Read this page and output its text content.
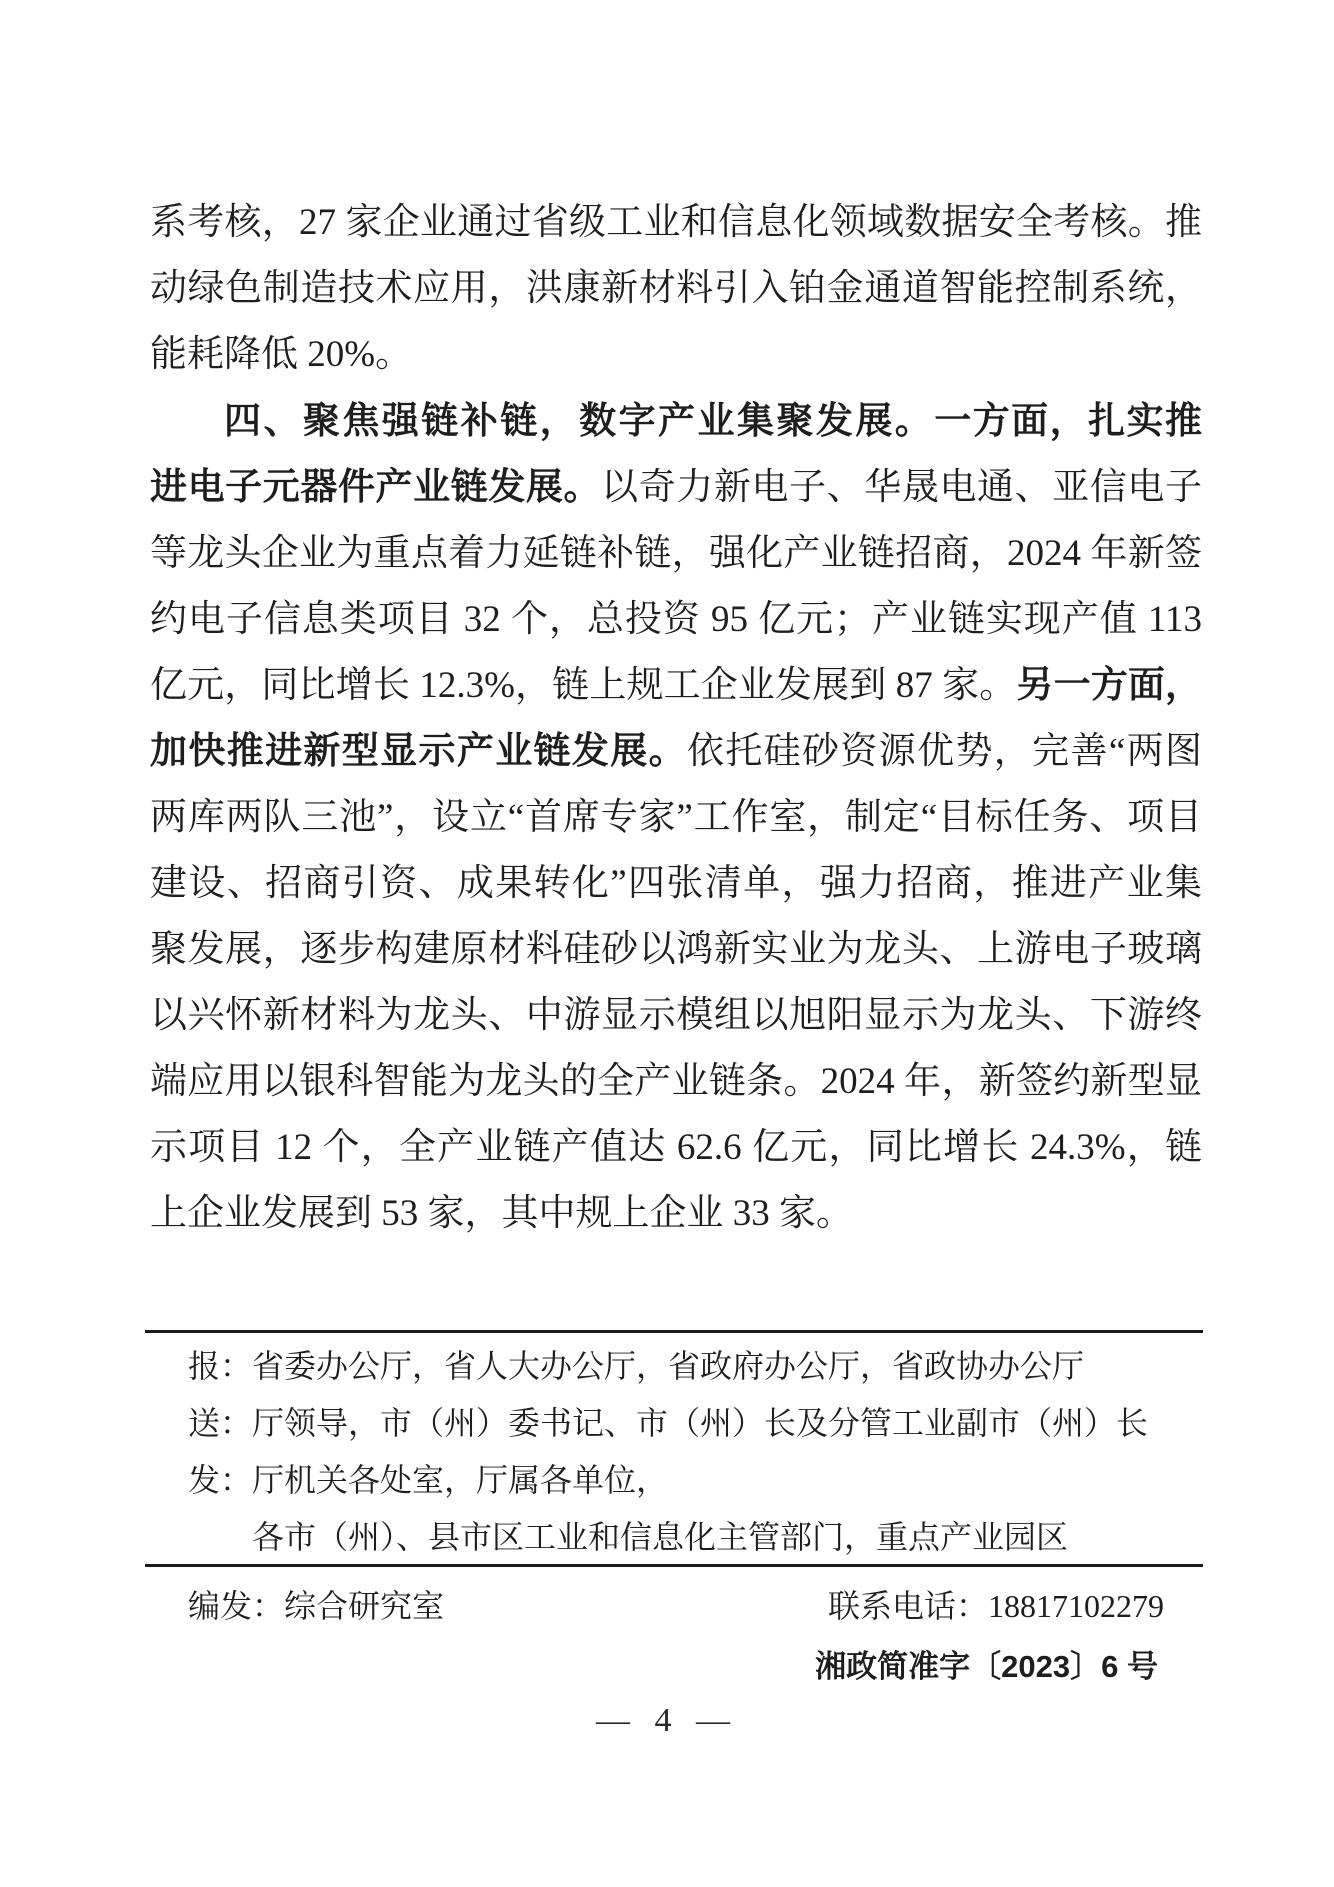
系考核，27 家企业通过省级工业和信息化领域数据安全考核。推动绿色制造技术应用，洪康新材料引入铂金通道智能控制系统，能耗降低 20%。

四、聚焦强链补链，数字产业集聚发展。一方面，扎实推进电子元器件产业链发展。以奇力新电子、华晟电通、亚信电子等龙头企业为重点着力延链补链，强化产业链招商，2024 年新签约电子信息类项目 32 个，总投资 95 亿元；产业链实现产值 113 亿元，同比增长 12.3%，链上规工企业发展到 87 家。另一方面，加快推进新型显示产业链发展。依托硅砂资源优势，完善“两图两库两队三池”，设立“首席专家”工作室，制定“目标任务、项目建设、招商引资、成果转化”四张清单，强力招商，推进产业集聚发展，逐步构建原材料硅砂以鸿新实业为龙头、上游电子玻璃以兴怀新材料为龙头、中游显示模组以旭阳显示为龙头、下游终端应用以银科智能为龙头的全产业链条。2024 年，新签约新型显示项目 12 个，全产业链产值达 62.6 亿元，同比增长 24.3%，链上企业发展到 53 家，其中规上企业 33 家。

报： 省委办公厅，省人大办公厅，省政府办公厅，省政协办公厅
送： 厅领导，市（州）委书记、市（州）长及分管工业副市（州）长
发： 厅机关各处室，厅属各单位，
各市（州）、县市区工业和信息化主管部门，重点产业园区
编发：综合研究室	联系电话：18817102279
湘政简准字〔2023〕6 号
— 4 —
